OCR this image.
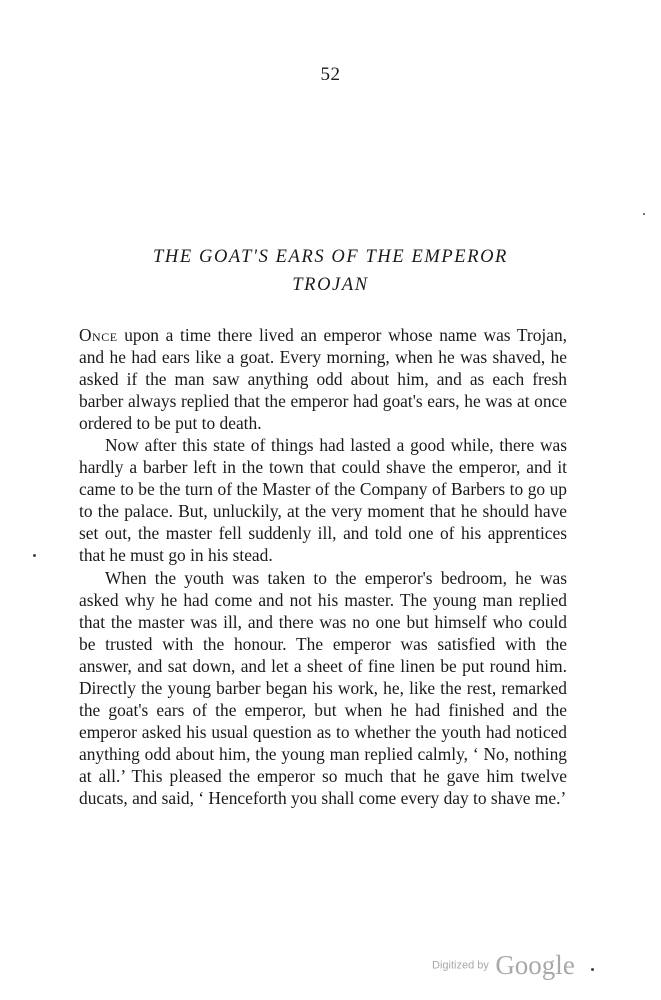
52
THE GOAT'S EARS OF THE EMPEROR
TROJAN

Once upon a time there lived an emperor whose name was Trojan, and he had ears like a goat. Every morning, when he was shaved, he asked if the man saw anything odd about him, and as each fresh barber always replied that the emperor had goat's ears, he was at once ordered to be put to death.

Now after this state of things had lasted a good while, there was hardly a barber left in the town that could shave the emperor, and it came to be the turn of the Master of the Company of Barbers to go up to the palace. But, unluckily, at the very moment that he should have set out, the master fell suddenly ill, and told one of his apprentices that he must go in his stead.

When the youth was taken to the emperor's bedroom, he was asked why he had come and not his master. The young man replied that the master was ill, and there was no one but himself who could be trusted with the honour. The emperor was satisfied with the answer, and sat down, and let a sheet of fine linen be put round him. Directly the young barber began his work, he, like the rest, remarked the goat's ears of the emperor, but when he had finished and the emperor asked his usual question as to whether the youth had noticed anything odd about him, the young man replied calmly, ‘ No, nothing at all.’ This pleased the emperor so much that he gave him twelve ducats, and said, ‘ Henceforth you shall come every day to shave me.’

Digitized by Google
